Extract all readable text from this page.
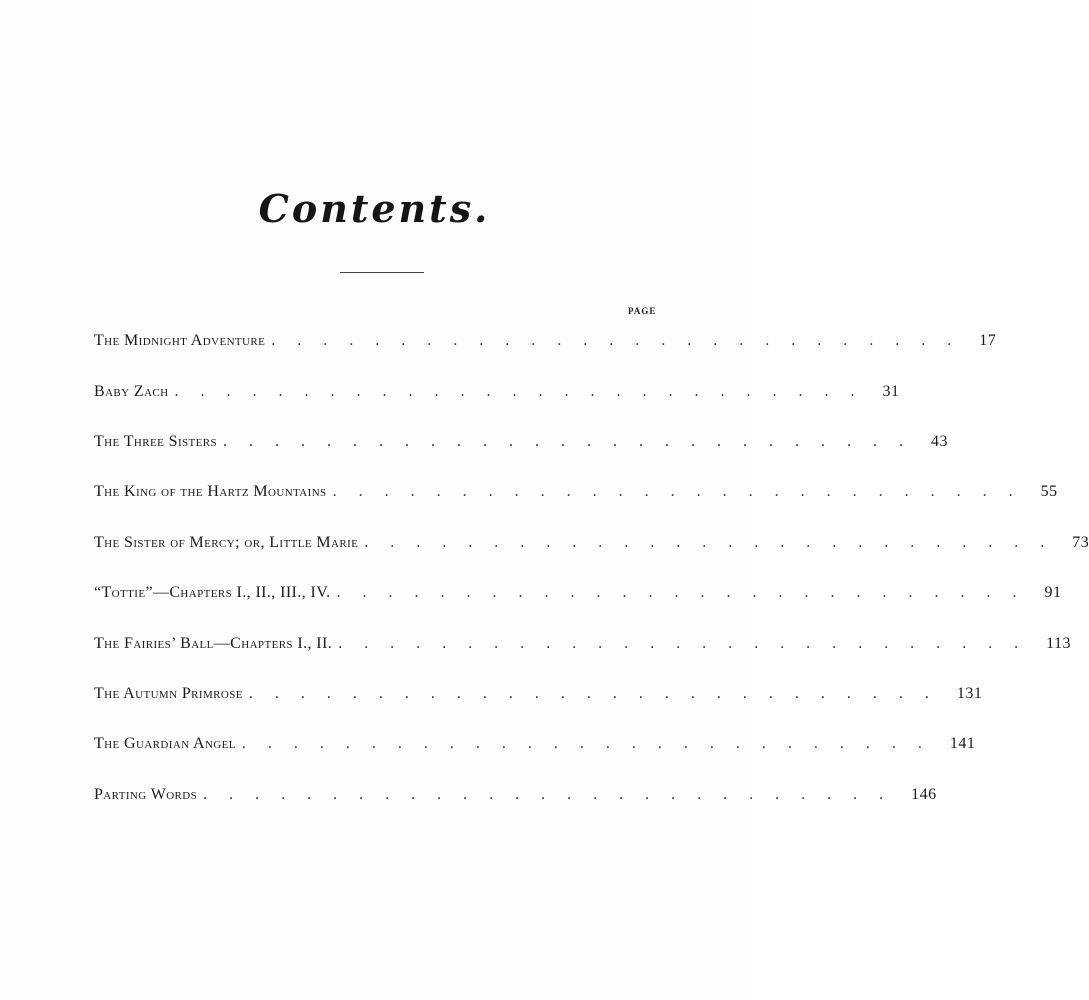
Contents.
PAGE
The Midnight Adventure ........................... 17
Baby Zach ........................... 31
The Three Sisters ........................... 43
The King of the Hartz Mountains ........................... 55
The Sister of Mercy; or, Little Marie ........................... 73
“Tottie”—Chapters I., II., III., IV. ........................... 91
The Fairies’ Ball—Chapters I., II. ........................... 113
The Autumn Primrose ........................... 131
The Guardian Angel ........................... 141
Parting Words ........................... 146
